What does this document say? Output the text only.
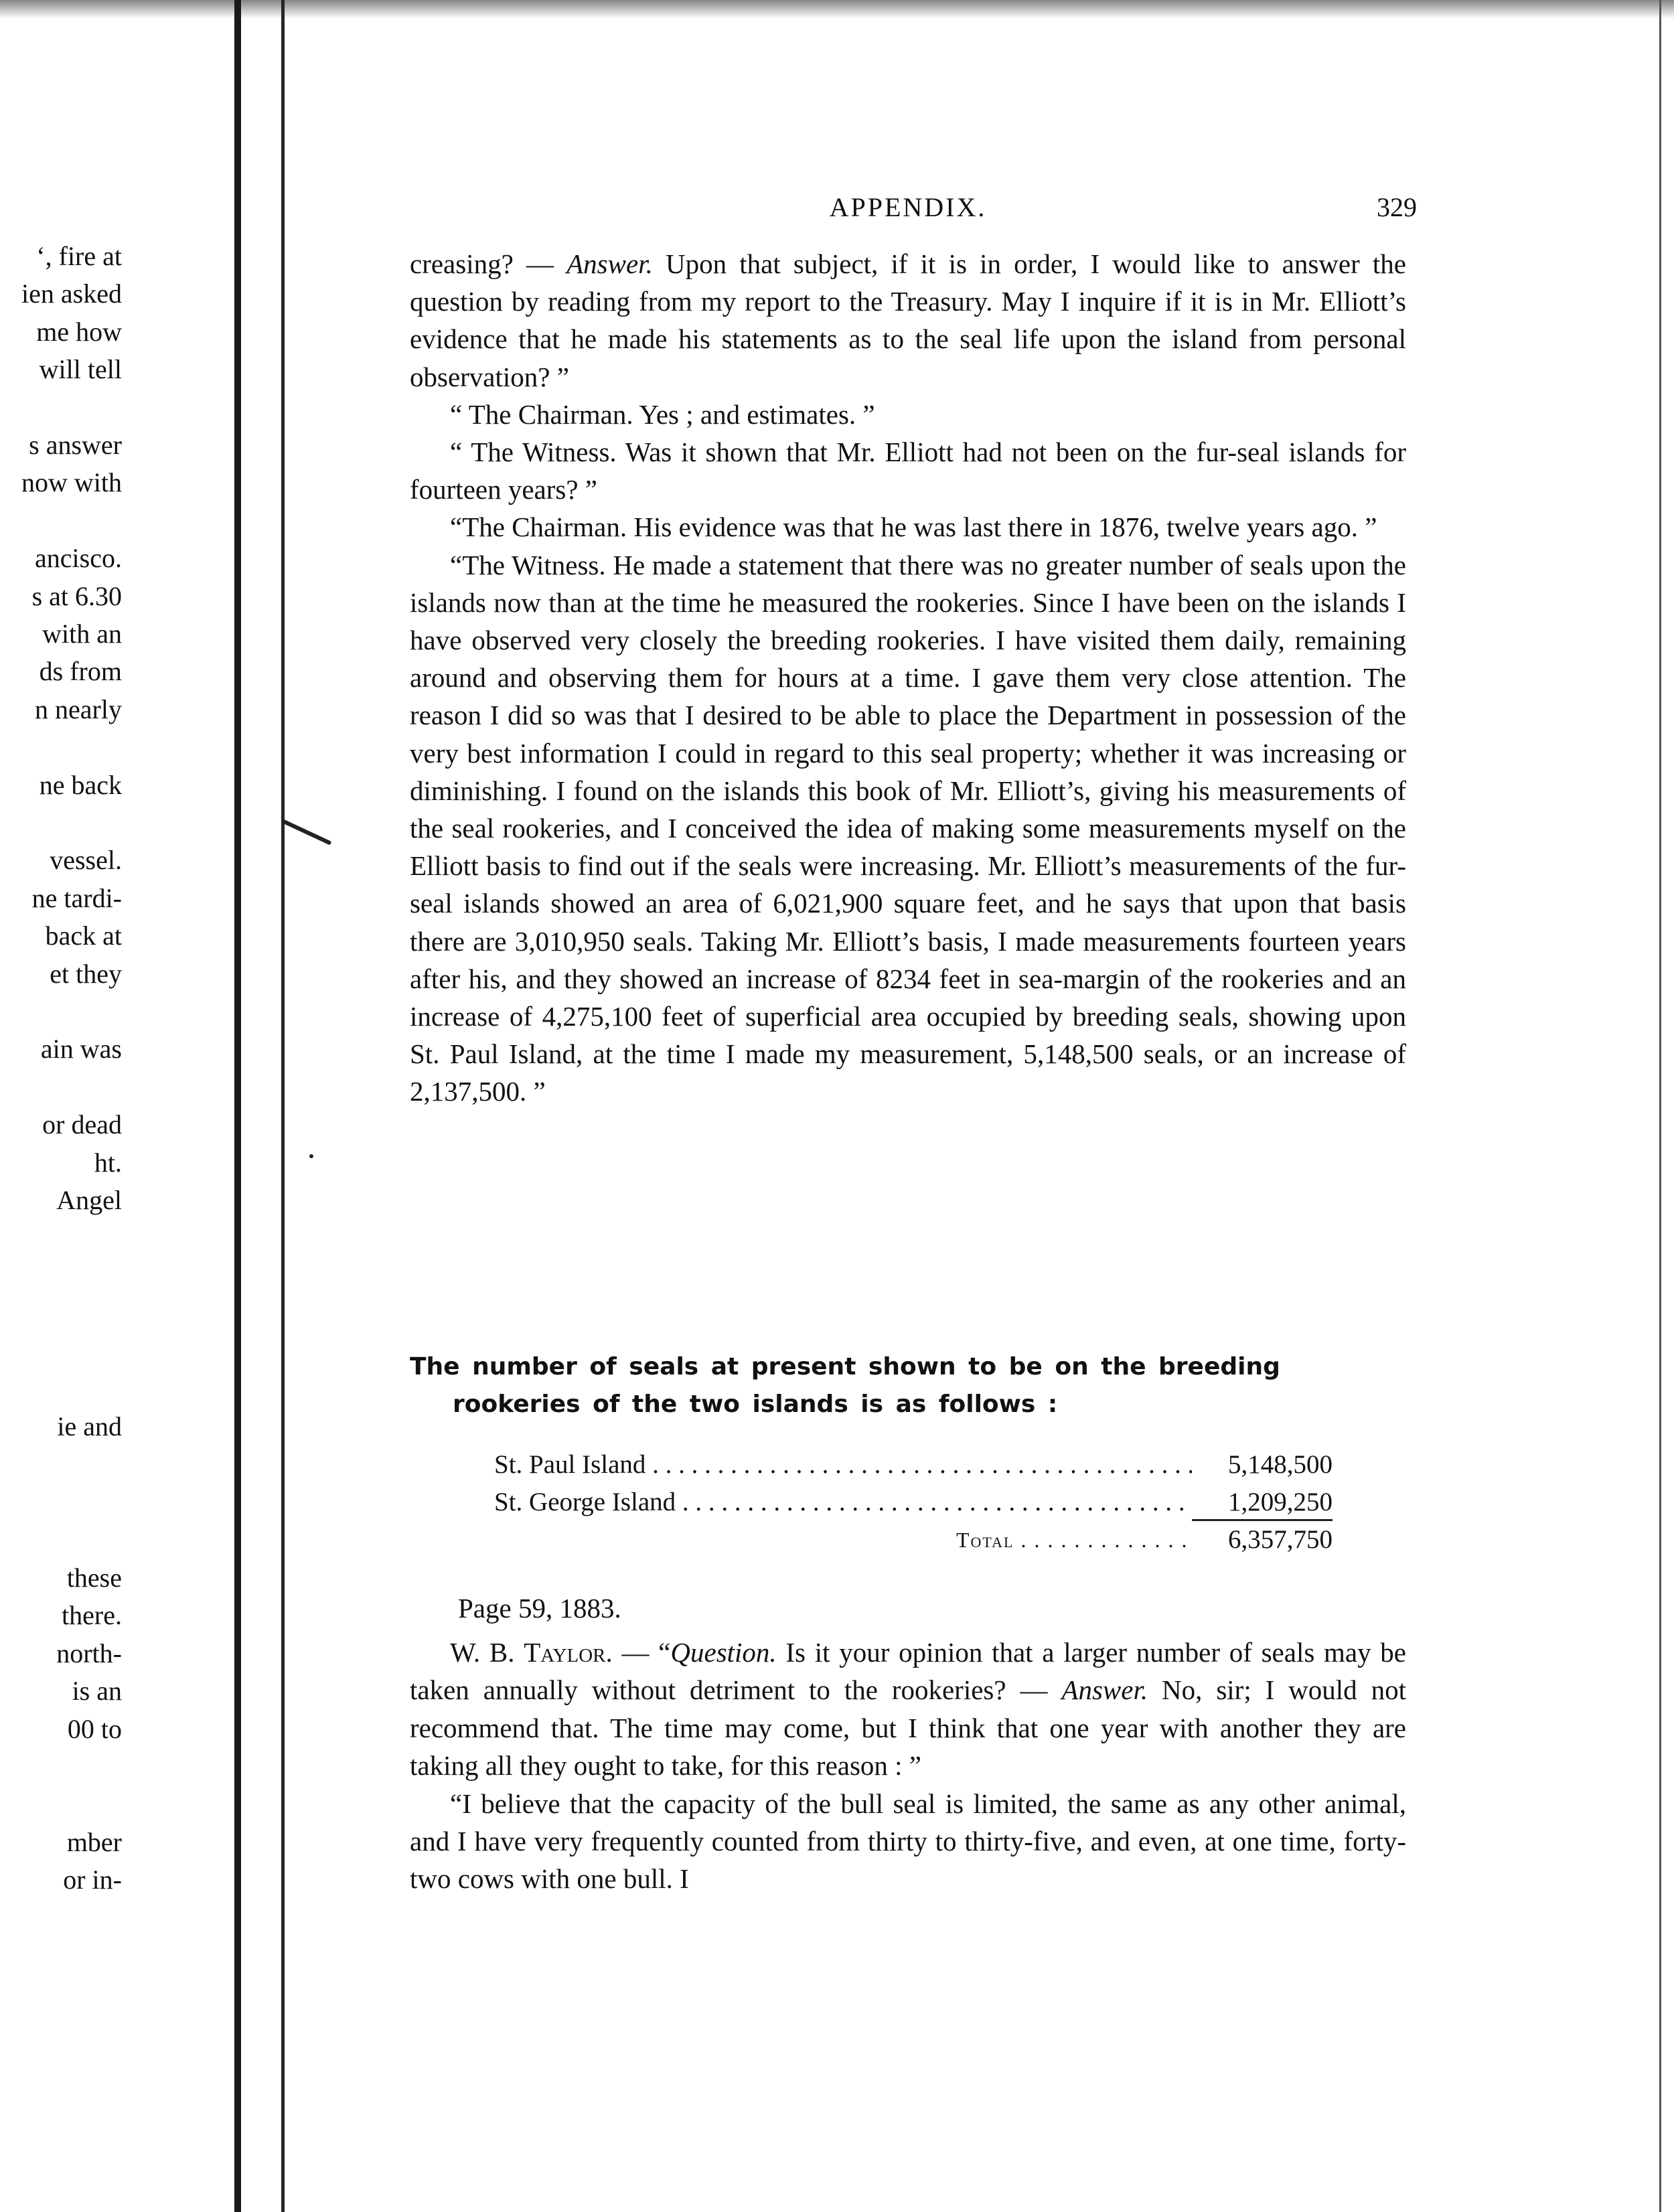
‘, fire at
ien asked
me how
will tell
s answer
now with
ancisco.
s at 6.30
with an
ds from
n nearly
ne back
vessel.
ne tardi-
back at
et they
ain was
or dead
ht.
Angel
ie and
these
there.
north-
is an
00 to
mber
or in-
APPENDIX.	329

creasing? — Answer. Upon that subject, if it is in order, I would like to answer the question by reading from my report to the Treasury. May I inquire if it is in Mr. Elliott’s evidence that he made his statements as to the seal life upon the island from personal observation? ”

“ The Chairman. Yes ; and estimates. ”

“ The Witness. Was it shown that Mr. Elliott had not been on the fur-seal islands for fourteen years? ”

“The Chairman. His evidence was that he was last there in 1876, twelve years ago. ”

“The Witness. He made a statement that there was no greater number of seals upon the islands now than at the time he measured the rookeries. Since I have been on the islands I have observed very closely the breeding rookeries. I have visited them daily, remaining around and observing them for hours at a time. I gave them very close attention. The reason I did so was that I desired to be able to place the Department in possession of the very best information I could in regard to this seal property; whether it was increasing or diminishing. I found on the islands this book of Mr. Elliott’s, giving his measurements of the seal rookeries, and I conceived the idea of making some measurements myself on the Elliott basis to find out if the seals were increasing. Mr. Elliott’s measurements of the fur-seal islands showed an area of 6,021,900 square feet, and he says that upon that basis there are 3,010,950 seals. Taking Mr. Elliott’s basis, I made measurements fourteen years after his, and they showed an increase of 8234 feet in sea-margin of the rookeries and an increase of 4,275,100 feet of superficial area occupied by breeding seals, showing upon St. Paul Island, at the time I made my measurement, 5,148,500 seals, or an increase of 2,137,500. ”

The number of seals at present shown to be on the breeding
rookeries of the two islands is as follows :
St. Paul Island . . .	5,148,500
St. George Island . . .	1,209,250
Total . . .	6,357,750
Page 59, 1883.

W. B. Taylor. — “Question. Is it your opinion that a larger number of seals may be taken annually without detriment to the rookeries? — Answer. No, sir; I would not recommend that. The time may come, but I think that one year with another they are taking all they ought to take, for this reason : ”

“I believe that the capacity of the bull seal is limited, the same as any other animal, and I have very frequently counted from thirty to thirty-five, and even, at one time, forty-two cows with one bull. I
